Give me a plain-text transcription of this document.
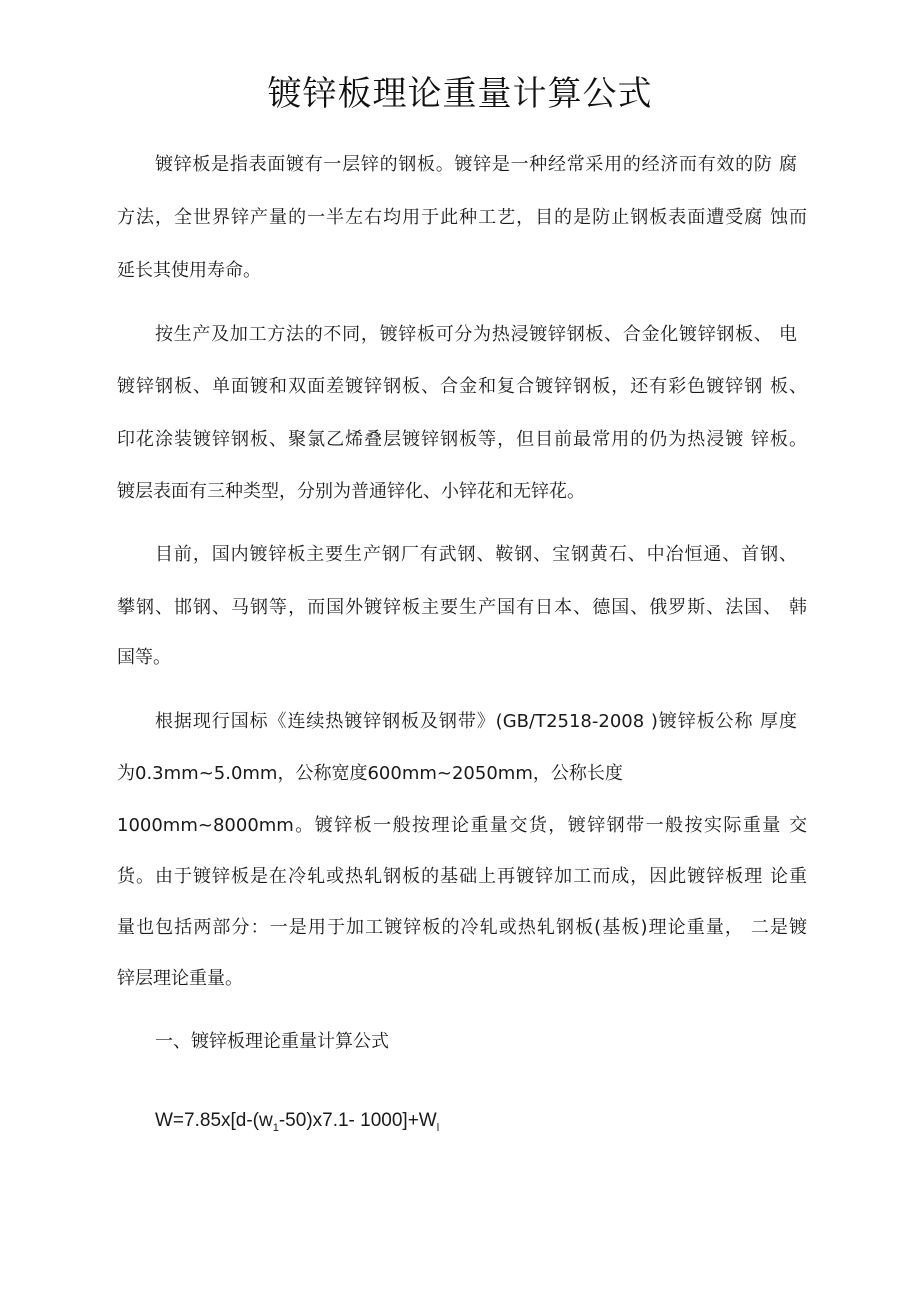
镀锌板理论重量计算公式

镀锌板是指表面镀有一层锌的钢板。镀锌是一种经常采用的经济而有效的防 腐

方法，全世界锌产量的一半左右均用于此种工艺，目的是防止钢板表面遭受腐 蚀而

延长其使用寿命。

按生产及加工方法的不同，镀锌板可分为热浸镀锌钢板、合金化镀锌钢板、 电

镀锌钢板、单面镀和双面差镀锌钢板、合金和复合镀锌钢板，还有彩色镀锌钢 板、

印花涂装镀锌钢板、聚氯乙烯叠层镀锌钢板等，但目前最常用的仍为热浸镀 锌板。

镀层表面有三种类型，分别为普通锌化、小锌花和无锌花。

目前，国内镀锌板主要生产钢厂有武钢、鞍钢、宝钢黄石、中冶恒通、首钢、

攀钢、邯钢、马钢等，而国外镀锌板主要生产国有日本、德国、俄罗斯、法国、 韩

国等。

根据现行国标《连续热镀锌钢板及钢带》(GB/T2518-2008 )镀锌板公称 厚度

为0.3mm~5.0mm，公称宽度600mm~2050mm，公称长度

1000mm~8000mm。镀锌板一般按理论重量交货，镀锌钢带一般按实际重量 交

货。由于镀锌板是在冷轧或热轧钢板的基础上再镀锌加工而成，因此镀锌板理 论重

量也包括两部分：一是用于加工镀锌板的冷轧或热轧钢板(基板)理论重量， 二是镀

锌层理论重量。

一、镀锌板理论重量计算公式

$W=7.85x[d-(w_1-50)x7.1-$ $1000]+W_l$
